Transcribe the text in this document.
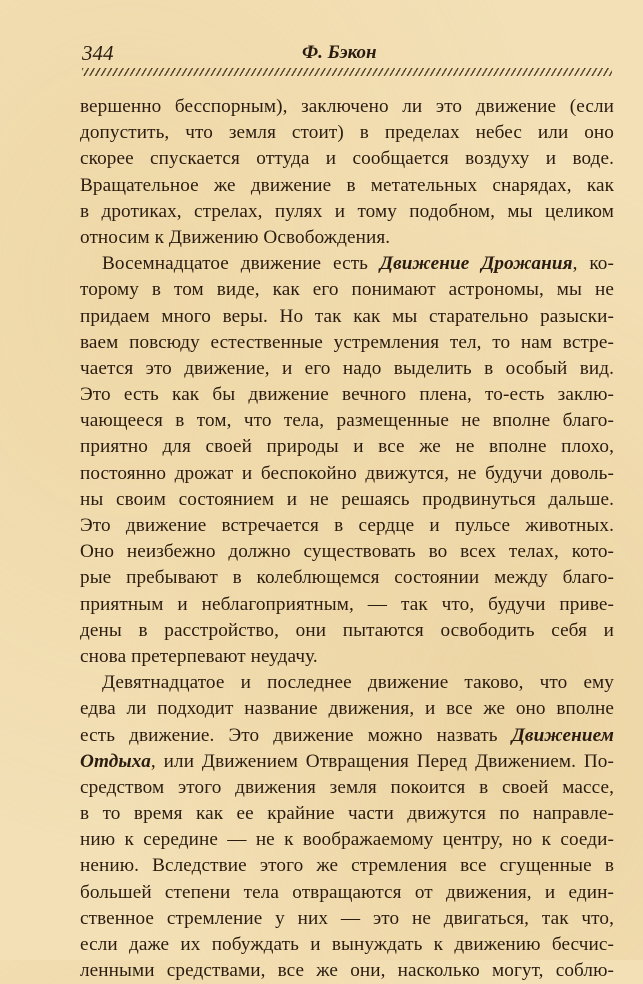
344	Ф. Бэкон
вершенно бесспорным), заключено ли это движение (если
допустить, что земля стоит) в пределах небес или оно
скорее спускается оттуда и сообщается воздуху и воде.
Вращательное же движение в метательных снарядах, как
в дротиках, стрелах, пулях и тому подобном, мы целиком
относим к Движению Освобождения.
Восемнадцатое движение есть Движение Дрожания, ко-
торому в том виде, как его понимают астрономы, мы не
придаем много веры. Но так как мы старательно разыски-
ваем повсюду естественные устремления тел, то нам встре-
чается это движение, и его надо выделить в особый вид.
Это есть как бы движение вечного плена, то-есть заклю-
чающееся в том, что тела, размещенные не вполне благо-
приятно для своей природы и все же не вполне плохо,
постоянно дрожат и беспокойно движутся, не будучи доволь-
ны своим состоянием и не решаясь продвинуться дальше.
Это движение встречается в сердце и пульсе животных.
Оно неизбежно должно существовать во всех телах, кото-
рые пребывают в колеблющемся состоянии между благо-
приятным и неблагоприятным, — так что, будучи приве-
дены в расстройство, они пытаются освободить себя и
снова претерпевают неудачу.
Девятнадцатое и последнее движение таково, что ему
едва ли подходит название движения, и все же оно вполне
есть движение. Это движение можно назвать Движением
Отдыха, или Движением Отвращения Перед Движением. По-
средством этого движения земля покоится в своей массе,
в то время как ее крайние части движутся по направле-
нию к середине — не к воображаемому центру, но к соеди-
нению. Вследствие этого же стремления все сгущенные в
большей степени тела отвращаются от движения, и един-
ственное стремление у них — это не двигаться, так что,
если даже их побуждать и вынуждать к движению бесчис-
ленными средствами, все же они, насколько могут, соблю-
